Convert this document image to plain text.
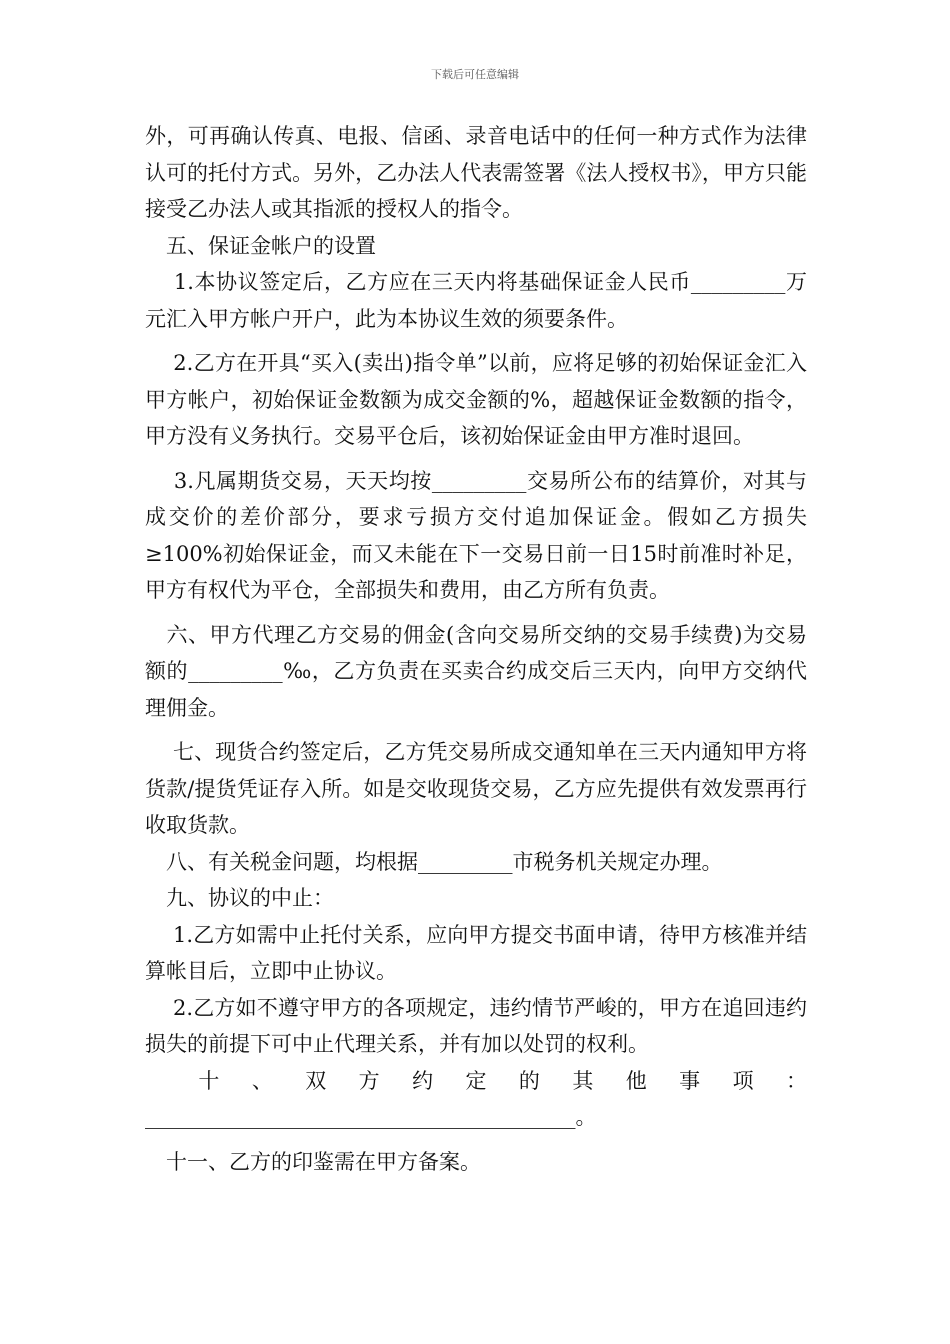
下载后可任意编辑

外，可再确认传真、电报、信函、录音电话中的任何一种方式作为法律认可的托付方式。另外，乙办法人代表需签署《法人授权书》，甲方只能接受乙办法人或其指派的授权人的指令。

　五、保证金帐户的设置

　 1.本协议签定后，乙方应在三天内将基础保证金人民币_________万元汇入甲方帐户开户，此为本协议生效的须要条件。

　 2.乙方在开具“买入(卖出)指令单”以前，应将足够的初始保证金汇入甲方帐户，初始保证金数额为成交金额的%，超越保证金数额的指令，甲方没有义务执行。交易平仓后，该初始保证金由甲方准时退回。

　 3.凡属期货交易，天天均按_________交易所公布的结算价，对其与成交价的差价部分，要求亏损方交付追加保证金。假如乙方损失≥100%初始保证金，而又未能在下一交易日前一日15时前准时补足，甲方有权代为平仓，全部损失和费用，由乙方所有负责。

　六、甲方代理乙方交易的佣金(含向交易所交纳的交易手续费)为交易额的_________‰，乙方负责在买卖合约成交后三天内，向甲方交纳代理佣金。

　 七、现货合约签定后，乙方凭交易所成交通知单在三天内通知甲方将货款/提货凭证存入所。如是交收现货交易，乙方应先提供有效发票再行收取货款。

　八、有关税金问题，均根据_________市税务机关规定办理。

　九、协议的中止：

　 1.乙方如需中止托付关系，应向甲方提交书面申请，待甲方核准并结算帐目后，立即中止协议。

　 2.乙方如不遵守甲方的各项规定，违约情节严峻的，甲方在追回违约损失的前提下可中止代理关系，并有加以处罚的权利。

　十、双方约定的其他事项：_________________________________________。

　十一、乙方的印鉴需在甲方备案。
